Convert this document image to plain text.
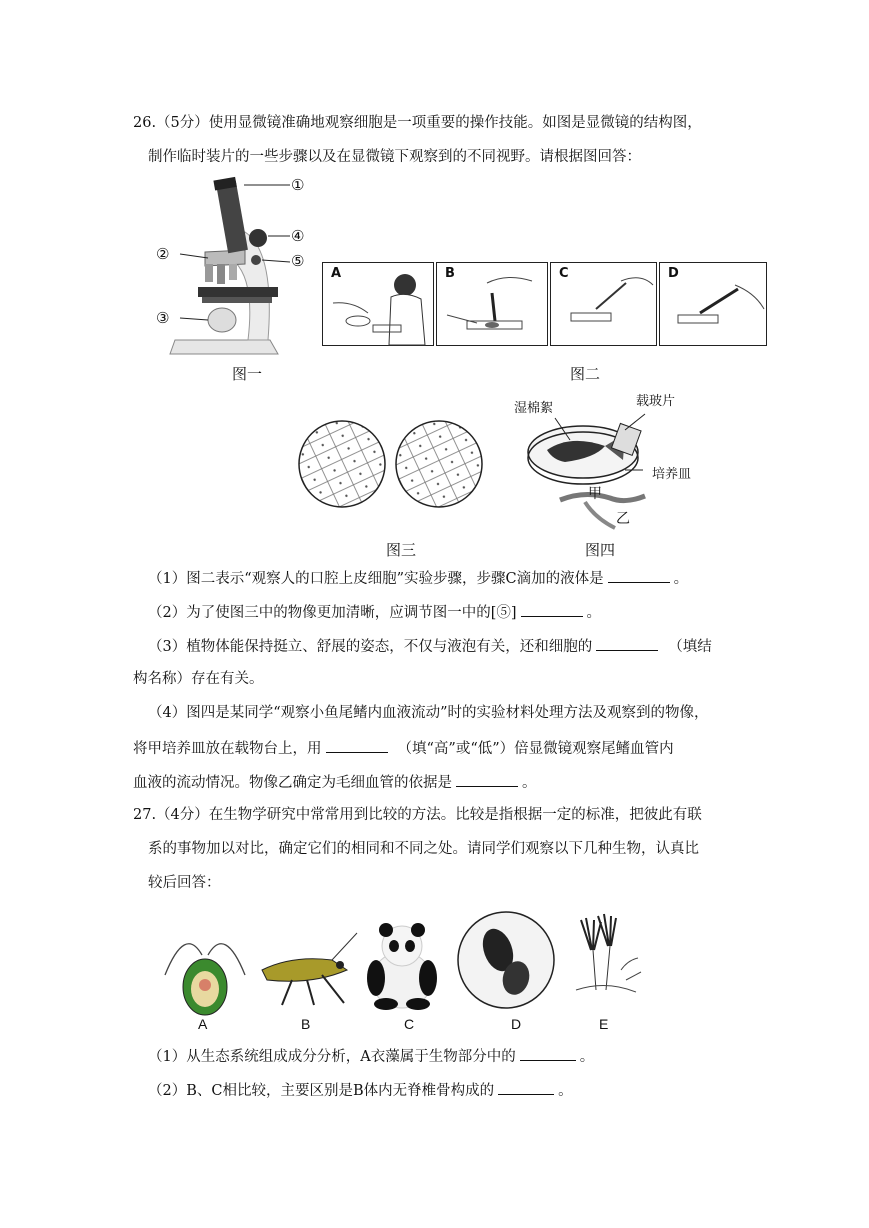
26.（5分）使用显微镜准确地观察细胞是一项重要的操作技能。如图是显微镜的结构图，
制作临时装片的一些步骤以及在显微镜下观察到的不同视野。请根据图回答：
①
④
②	⑤
③
图一
A	B	C	D
图二
图三
湿棉絮	载玻片
培养皿
甲
乙
图四
（1）图二表示“观察人的口腔上皮细胞”实验步骤，步骤C滴加的液体是	。
（2）为了使图三中的物像更加清晰，应调节图一中的[⑤]	。
（3）植物体能保持挺立、舒展的姿态，不仅与液泡有关，还和细胞的	（填结
构名称）存在有关。
（4）图四是某同学“观察小鱼尾鳍内血液流动”时的实验材料处理方法及观察到的物像，
将甲培养皿放在载物台上，用	（填“高”或“低”）倍显微镜观察尾鳍血管内
血液的流动情况。物像乙确定为毛细血管的依据是	。
27.（4分）在生物学研究中常常用到比较的方法。比较是指根据一定的标准，把彼此有联
系的事物加以对比，确定它们的相同和不同之处。请同学们观察以下几种生物，认真比
较后回答：
A	B	C	D	E
（1）从生态系统组成成分分析，A衣藻属于生物部分中的	。
（2）B、C相比较，主要区别是B体内无脊椎骨构成的	。
